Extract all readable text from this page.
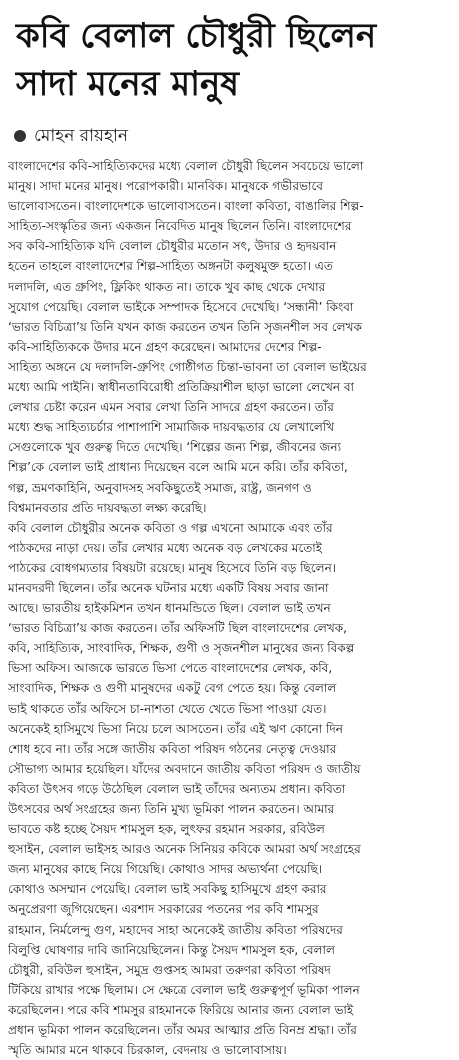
কবি বেলাল চৌধুরী ছিলেন
সাদা মনের মানুষ
মোহন রায়হান
বাংলাদেশের কবি-সাহিত্যিকদের মধ্যে বেলাল চৌধুরী ছিলেন সবচেয়ে ভালো
মানুষ। সাদা মনের মানুষ। পরোপকারী। মানবিক। মানুষকে গভীরভাবে
ভালোবাসতেন। বাংলাদেশকে ভালোবাসতেন। বাংলা কবিতা, বাঙালির শিল্প-
সাহিত্য-সংস্কৃতির জন্য একজন নিবেদিত মানুষ ছিলেন তিনি। বাংলাদেশের
সব কবি-সাহিত্যিক যদি বেলাল চৌধুরীর মতোন সৎ, উদার ও হৃদয়বান
হতেন তাহলে বাংলাদেশের শিল্প-সাহিত্য অঙ্গনটা কলুষমুক্ত হতো। এত
দলাদলি, এত গ্রুপিং, ফ্লিকিং থাকত না। তাকে খুব কাছ থেকে দেখার
সুযোগ পেয়েছি। বেলাল ভাইকে সম্পাদক হিসেবে দেখেছি। ‘সন্ধানী’ কিংবা
‘ভারত বিচিত্রা’য় তিনি যখন কাজ করতেন তখন তিনি সৃজনশীল সব লেখক
কবি-সাহিত্যিককে উদার মনে গ্রহণ করেছেন। আমাদের দেশের শিল্প-
সাহিত্য অঙ্গনে যে দলাদলি-গ্রুপিং গোষ্ঠীগত চিন্তা-ভাবনা তা বেলাল ভাইয়ের
মধ্যে আমি পাইনি। স্বাধীনতাবিরোধী প্রতিক্রিয়াশীল ছাড়া ভালো লেখেন বা
লেখার চেষ্টা করেন এমন সবার লেখা তিনি সাদরে গ্রহণ করতেন। তাঁর
মধ্যে শুদ্ধ সাহিত্যচর্চার পাশাপাশি সামাজিক দায়বদ্ধতার যে লেখালেখি
সেগুলোকে খুব গুরুত্ব দিতে দেখেছি। ‘শিল্পের জন্য শিল্প, জীবনের জন্য
শিল্প’কে বেলাল ভাই প্রাধান্য দিয়েছেন বলে আমি মনে করি। তাঁর কবিতা,
গল্প, ভ্রমণকাহিনি, অনুবাদসহ সবকিছুতেই সমাজ, রাষ্ট্র, জনগণ ও
বিশ্বমানবতার প্রতি দায়বদ্ধতা লক্ষ্য করেছি।
কবি বেলাল চৌধুরীর অনেক কবিতা ও গল্প এখনো আমাকে এবং তাঁর
পাঠকদের নাড়া দেয়। তাঁর লেখার মধ্যে অনেক বড় লেখকের মতোই
পাঠকের বোধগম্যতার বিষয়টা রয়েছে। মানুষ হিসেবে তিনি বড় ছিলেন।
মানবদরদী ছিলেন। তাঁর অনেক ঘটনার মধ্যে একটি বিষয় সবার জানা
আছে। ভারতীয় হাইকমিশন তখন ধানমন্ডিতে ছিল। বেলাল ভাই তখন
‘ভারত বিচিত্রা’য় কাজ করতেন। তাঁর অফিসটি ছিল বাংলাদেশের লেখক,
কবি, সাহিত্যিক, সাংবাদিক, শিক্ষক, গুণী ও সৃজনশীল মানুষের জন্য বিকল্প
ভিসা অফিস। আজকে ভারতে ভিসা পেতে বাংলাদেশের লেখক, কবি,
সাংবাদিক, শিক্ষক ও গুণী মানুষদের একটু বেগ পেতে হয়। কিন্তু বেলাল
ভাই থাকতে তাঁর অফিসে চা-নাশতা খেতে খেতে ভিসা পাওয়া যেত।
অনেকেই হাসিমুখে ভিসা নিয়ে চলে আসতেন। তাঁর এই ঋণ কোনো দিন
শোধ হবে না। তাঁর সঙ্গে জাতীয় কবিতা পরিষদ গঠনের নেতৃত্ব দেওয়ার
সৌভাগ্য আমার হয়েছিল। যাঁদের অবদানে জাতীয় কবিতা পরিষদ ও জাতীয়
কবিতা উৎসব গড়ে উঠেছিল বেলাল ভাই তাঁদের অন্যতম প্রধান। কবিতা
উৎসবের অর্থ সংগ্রহের জন্য তিনি মুখ্য ভূমিকা পালন করতেন। আমার
ভাবতে কষ্ট হচ্ছে সৈয়দ শামসুল হক, লুৎফর রহমান সরকার, রবিউল
হুসাইন, বেলাল ভাইসহ আরও অনেক সিনিয়র কবিকে আমরা অর্থ সংগ্রহের
জন্য মানুষের কাছে নিয়ে গিয়েছি। কোথাও সাদর অভ্যর্থনা পেয়েছি।
কোথাও অসম্মান পেয়েছি। বেলাল ভাই সবকিছু হাসিমুখে গ্রহণ করার
অনুপ্রেরণা জুগিয়েছেন। এরশাদ সরকারের পতনের পর কবি শামসুর
রাহমান, নির্মলেন্দু গুণ, মহাদেব সাহা অনেকেই জাতীয় কবিতা পরিষদের
বিলুপ্তি ঘোষণার দাবি জানিয়েছিলেন। কিন্তু সৈয়দ শামসুল হক, বেলাল
চৌধুরী, রবিউল হুসাইন, সমুদ্র গুপ্তসহ আমরা তরুণরা কবিতা পরিষদ
টিকিয়ে রাখার পক্ষে ছিলাম। সে ক্ষেত্রে বেলাল ভাই গুরুত্বপূর্ণ ভূমিকা পালন
করেছিলেন। পরে কবি শামসুর রাহমানকে ফিরিয়ে আনার জন্য বেলাল ভাই
প্রধান ভূমিকা পালন করেছিলেন। তাঁর অমর আত্মার প্রতি বিনম্র শ্রদ্ধা। তাঁর
স্মৃতি আমার মনে থাকবে চিরকাল, বেদনায় ও ভালোবাসায়।
